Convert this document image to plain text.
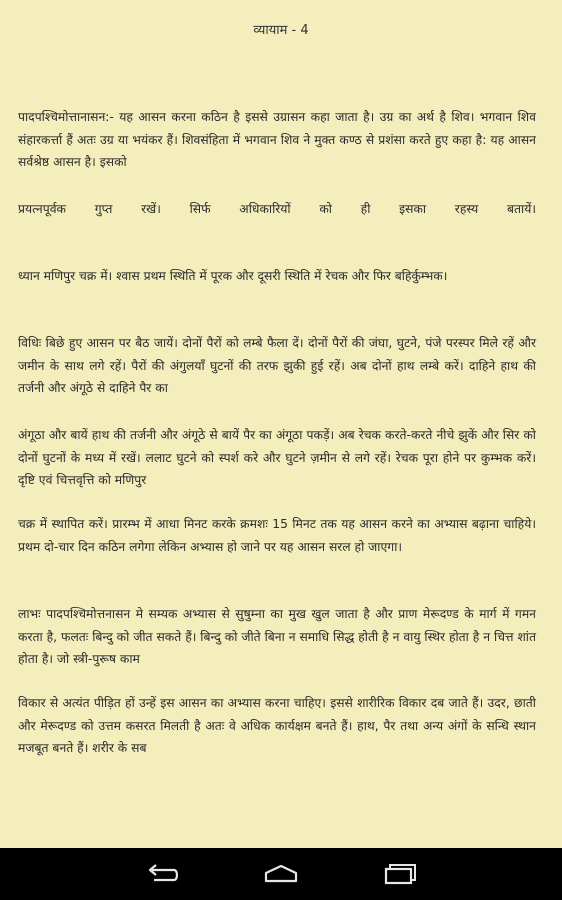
व्यायाम - 4
पादपश्चिमोत्तानासन:- यह आसन करना कठिन है इससे उग्रासन कहा जाता है। उग्र का अर्थ है शिव। भगवान शिव संहारकर्त्ता हैं अतः उग्र या भयंकर हैं। शिवसंहिता में भगवान शिव ने मुक्त कण्ठ से प्रशंसा करते हुए कहा है: यह आसन सर्वश्रेष्ठ आसन है। इसको
प्रयत्नपूर्वक गुप्त रखें। सिर्फ अधिकारियों को ही इसका रहस्य बतायें।
ध्यान मणिपुर चक्र में। श्वास प्रथम स्थिति में पूरक और दूसरी स्थिति में रेचक और फिर बहिर्कुम्भक।
विधिः बिछे हुए आसन पर बैठ जायें। दोनों पैरों को लम्बे फैला दें। दोनों पैरों की जंघा, घुटने, पंजे परस्पर मिले रहें और जमीन के साथ लगे रहें। पैरों की अंगुलयाँ घुटनों की तरफ झुकी हुई रहें। अब दोनों हाथ लम्बे करें। दाहिने हाथ की तर्जनी और अंगूठे से दाहिने पैर का
अंगूठा और बायें हाथ की तर्जनी और अंगूठे से बायें पैर का अंगूठा पकड़ें। अब रेचक करते-करते नीचे झुकें और सिर को दोनों घुटनों के मध्य में रखें। ललाट घुटने को स्पर्श करे और घुटने ज़मीन से लगे रहें। रेचक पूरा होने पर कुम्भक करें। दृष्टि एवं चित्तवृत्ति को मणिपुर
चक्र में स्थापित करें। प्रारम्भ में आधा मिनट करके क्रमशः 15 मिनट तक यह आसन करने का अभ्यास बढ़ाना चाहिये। प्रथम दो-चार दिन कठिन लगेगा लेकिन अभ्यास हो जाने पर यह आसन सरल हो जाएगा।
लाभः पादपश्चिमोत्तनासन मे सम्यक अभ्यास से सुषुम्ना का मुख खुल जाता है और प्राण मेरूदण्ड के मार्ग में गमन करता है, फलतः बिन्दु को जीत सकते हैं। बिन्दु को जीते बिना न समाधि सिद्ध होती है न वायु स्थिर होता है न चित्त शांत होता है। जो स्त्री-पुरूष काम
विकार से अत्यंत पीड़ित हों उन्हें इस आसन का अभ्यास करना चाहिए। इससे शारीरिक विकार दब जाते हैं। उदर, छाती और मेरूदण्ड को उत्तम कसरत मिलती है अतः वे अधिक कार्यक्षम बनते हैं। हाथ, पैर तथा अन्य अंगों के सन्धि स्थान मजबूत बनते हैं। शरीर के सब
